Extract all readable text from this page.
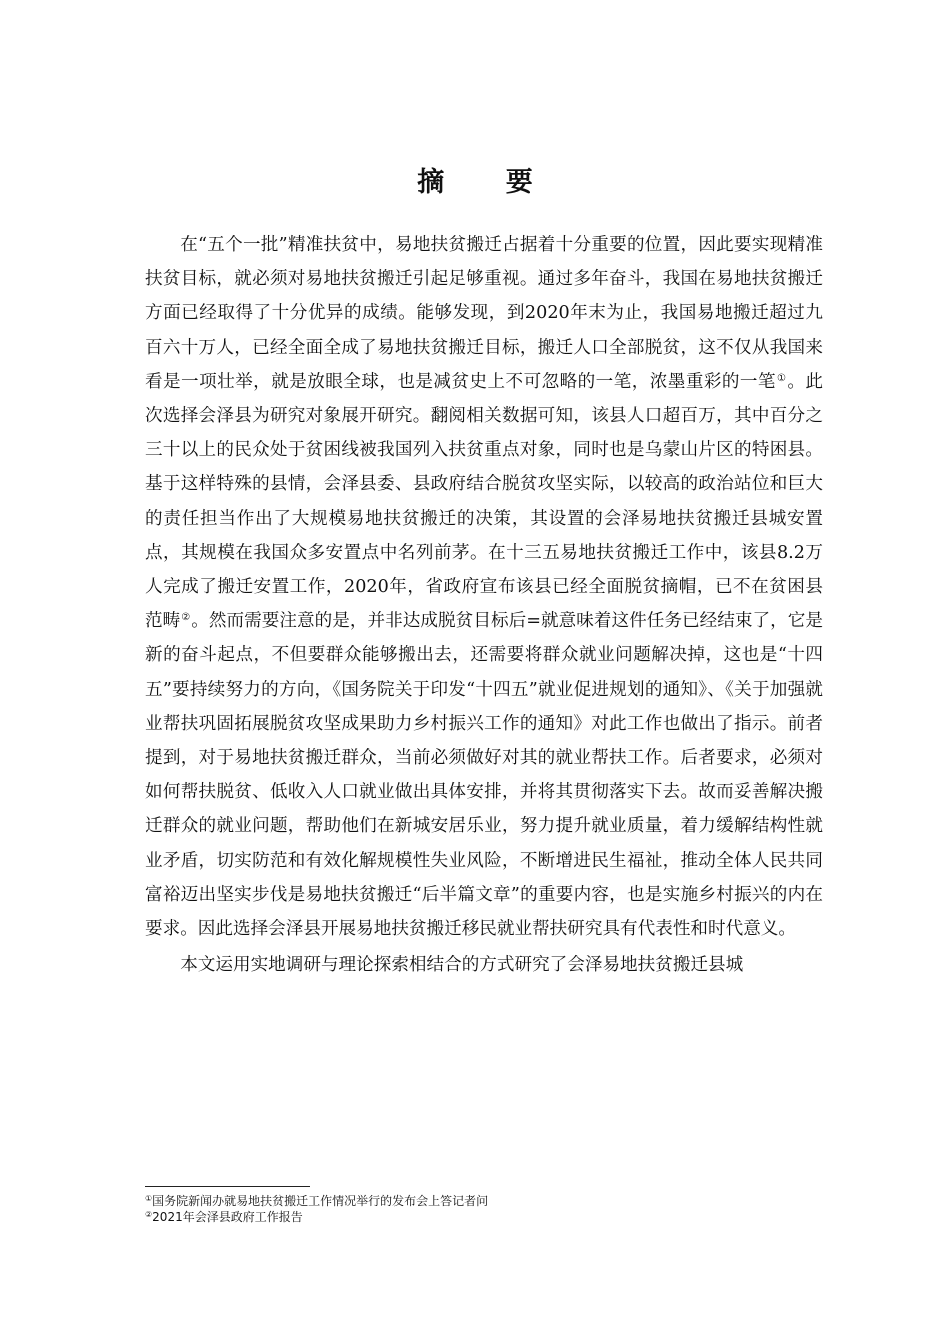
摘 要

在“五个一批”精准扶贫中，易地扶贫搬迁占据着十分重要的位置，因此要实现精准扶贫目标，就必须对易地扶贫搬迁引起足够重视。通过多年奋斗，我国在易地扶贫搬迁方面已经取得了十分优异的成绩。能够发现，到2020年末为止，我国易地搬迁超过九百六十万人，已经全面全成了易地扶贫搬迁目标，搬迁人口全部脱贫，这不仅从我国来看是一项壮举，就是放眼全球，也是减贫史上不可忽略的一笔，浓墨重彩的一笔①。此次选择会泽县为研究对象展开研究。翻阅相关数据可知，该县人口超百万，其中百分之三十以上的民众处于贫困线被我国列入扶贫重点对象，同时也是乌蒙山片区的特困县。基于这样特殊的县情，会泽县委、县政府结合脱贫攻坚实际，以较高的政治站位和巨大的责任担当作出了大规模易地扶贫搬迁的决策，其设置的会泽易地扶贫搬迁县城安置点，其规模在我国众多安置点中名列前茅。在十三五易地扶贫搬迁工作中，该县8.2万人完成了搬迁安置工作，2020年，省政府宣布该县已经全面脱贫摘帽，已不在贫困县范畴②。然而需要注意的是，并非达成脱贫目标后=就意味着这件任务已经结束了，它是新的奋斗起点，不但要群众能够搬出去，还需要将群众就业问题解决掉，这也是“十四五”要持续努力的方向，《国务院关于印发“十四五”就业促进规划的通知》、《关于加强就业帮扶巩固拓展脱贫攻坚成果助力乡村振兴工作的通知》对此工作也做出了指示。前者提到，对于易地扶贫搬迁群众，当前必须做好对其的就业帮扶工作。后者要求，必须对如何帮扶脱贫、低收入人口就业做出具体安排，并将其贯彻落实下去。故而妥善解决搬迁群众的就业问题，帮助他们在新城安居乐业，努力提升就业质量，着力缓解结构性就业矛盾，切实防范和有效化解规模性失业风险，不断增进民生福祉，推动全体人民共同富裕迈出坚实步伐是易地扶贫搬迁“后半篇文章”的重要内容，也是实施乡村振兴的内在要求。因此选择会泽县开展易地扶贫搬迁移民就业帮扶研究具有代表性和时代意义。

本文运用实地调研与理论探索相结合的方式研究了会泽易地扶贫搬迁县城

①国务院新闻办就易地扶贫搬迁工作情况举行的发布会上答记者问
②2021年会泽县政府工作报告
